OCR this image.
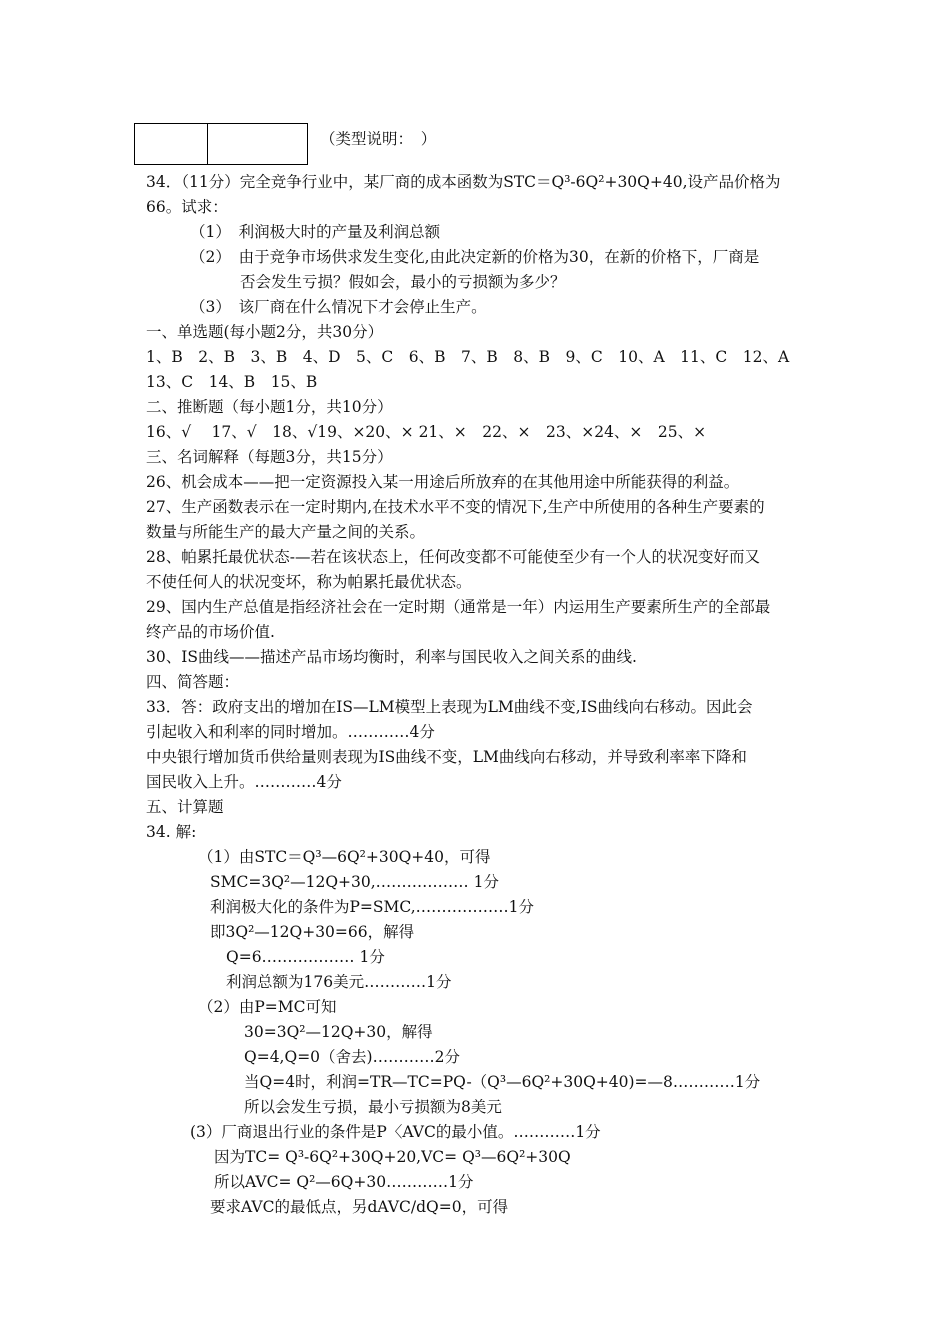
（类型说明：　）
34．（11分）完全竞争行业中，某厂商的成本函数为STC＝Q³-6Q²+30Q+40,设产品价格为
66。试求：
（1）　利润极大时的产量及利润总额
（2）　由于竞争市场供求发生变化,由此决定新的价格为30，在新的价格下，厂商是
否会发生亏损？假如会，最小的亏损额为多少？
（3）　该厂商在什么情况下才会停止生产。
一、单选题(每小题2分，共30分）
1、B　2、B　3、B　4、D　5、C　6、B　7、B　8、B　9、C　10、A　11、C　12、A
13、C　14、B　15、B
二、推断题（每小题1分，共10分）
16、√　 17、√　18、√19、×20、× 21、×　22、×　23、×24、×　25、×
三、名词解释（每题3分，共15分）
26、机会成本——把一定资源投入某一用途后所放弃的在其他用途中所能获得的利益。
27、生产函数表示在一定时期内,在技术水平不变的情况下,生产中所使用的各种生产要素的
数量与所能生产的最大产量之间的关系。
28、帕累托最优状态-—若在该状态上，任何改变都不可能使至少有一个人的状况变好而又
不使任何人的状况变坏，称为帕累托最优状态。
29、国内生产总值是指经济社会在一定时期（通常是一年）内运用生产要素所生产的全部最
终产品的市场价值.
30、IS曲线——描述产品市场均衡时，利率与国民收入之间关系的曲线.
四、简答题：
33．答：政府支出的增加在IS—LM模型上表现为LM曲线不变,IS曲线向右移动。因此会
引起收入和利率的同时增加。…………4分
中央银行增加货币供给量则表现为IS曲线不变，LM曲线向右移动，并导致利率率下降和
国民收入上升。…………4分
五、计算题
34. 解:
（1）由STC＝Q³—6Q²+30Q+40，可得
SMC=3Q²—12Q+30,……………… 1分
利润极大化的条件为P=SMC,………………1分
即3Q²—12Q+30=66，解得
Q=6……………… 1分
利润总额为176美元…………1分
（2）由P=MC可知
30=3Q²—12Q+30，解得
Q=4,Q=0（舍去)…………2分
当Q=4时，利润=TR—TC=PQ-（Q³—6Q²+30Q+40)=—8…………1分
所以会发生亏损，最小亏损额为8美元
(3）厂商退出行业的条件是P〈AVC的最小值。…………1分
因为TC= Q³-6Q²+30Q+20,VC= Q³—6Q²+30Q
所以AVC= Q²—6Q+30…………1分
要求AVC的最低点，另dAVC/dQ=0，可得
